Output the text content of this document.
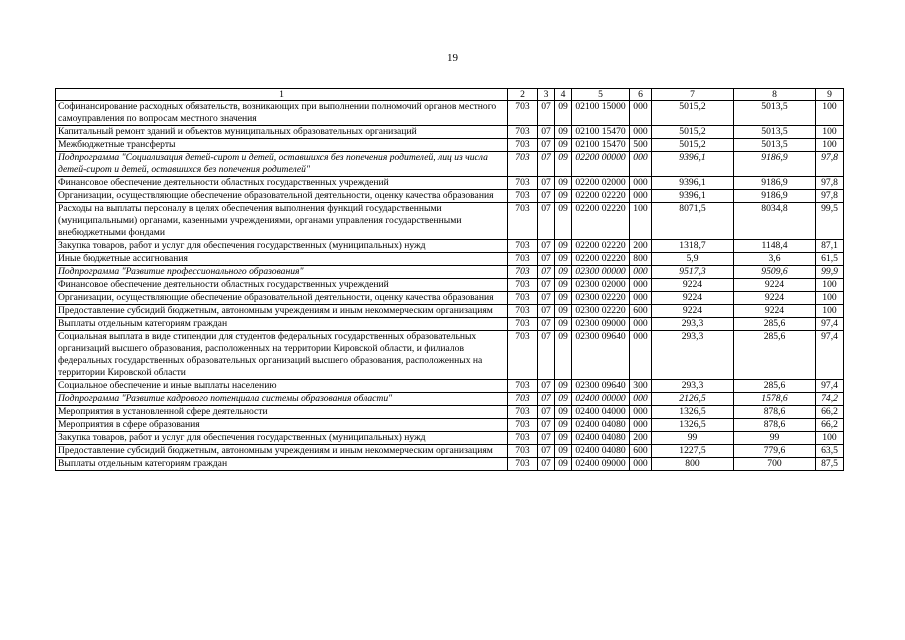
19
1	2	3	4	5	6	7	8	9
Софинансирование расходных обязательств, возникающих при выполнении полномочий органов местного самоуправления по вопросам местного значения	703	07	09	02100 15000	000	5015,2	5013,5	100
Капитальный ремонт зданий и объектов муниципальных образовательных организаций	703	07	09	02100 15470	000	5015,2	5013,5	100
Межбюджетные трансферты	703	07	09	02100 15470	500	5015,2	5013,5	100
Подпрограмма "Социализация детей-сирот и детей, оставшихся без попечения родителей, лиц из числа детей-сирот и детей, оставшихся без попечения родителей"	703	07	09	02200 00000	000	9396,1	9186,9	97,8
Финансовое обеспечение деятельности областных государственных учреждений	703	07	09	02200 02000	000	9396,1	9186,9	97,8
Организации, осуществляющие обеспечение образовательной деятельности, оценку качества образования	703	07	09	02200 02220	000	9396,1	9186,9	97,8
Расходы на выплаты персоналу в целях обеспечения выполнения функций государственными (муниципальными) органами, казенными учреждениями, органами управления государственными внебюджетными фондами	703	07	09	02200 02220	100	8071,5	8034,8	99,5
Закупка товаров, работ и услуг для обеспечения государственных (муниципальных) нужд	703	07	09	02200 02220	200	1318,7	1148,4	87,1
Иные бюджетные ассигнования	703	07	09	02200 02220	800	5,9	3,6	61,5
Подпрограмма "Развитие профессионального образования"	703	07	09	02300 00000	000	9517,3	9509,6	99,9
Финансовое обеспечение деятельности областных государственных учреждений	703	07	09	02300 02000	000	9224	9224	100
Организации, осуществляющие обеспечение образовательной деятельности, оценку качества образования	703	07	09	02300 02220	000	9224	9224	100
Предоставление субсидий бюджетным, автономным учреждениям и иным некоммерческим организациям	703	07	09	02300 02220	600	9224	9224	100
Выплаты отдельным категориям граждан	703	07	09	02300 09000	000	293,3	285,6	97,4
Социальная выплата в виде стипендии для студентов федеральных государственных образовательных организаций высшего образования, расположенных на территории Кировской области, и филиалов федеральных государственных образовательных организаций высшего образования, расположенных на территории Кировской области	703	07	09	02300 09640	000	293,3	285,6	97,4
Социальное обеспечение и иные выплаты населению	703	07	09	02300 09640	300	293,3	285,6	97,4
Подпрограмма "Развитие кадрового потенциала системы образования области"	703	07	09	02400 00000	000	2126,5	1578,6	74,2
Мероприятия в установленной сфере деятельности	703	07	09	02400 04000	000	1326,5	878,6	66,2
Мероприятия в сфере образования	703	07	09	02400 04080	000	1326,5	878,6	66,2
Закупка товаров, работ и услуг для обеспечения государственных (муниципальных) нужд	703	07	09	02400 04080	200	99	99	100
Предоставление субсидий бюджетным, автономным учреждениям и иным некоммерческим организациям	703	07	09	02400 04080	600	1227,5	779,6	63,5
Выплаты отдельным категориям граждан	703	07	09	02400 09000	000	800	700	87,5
